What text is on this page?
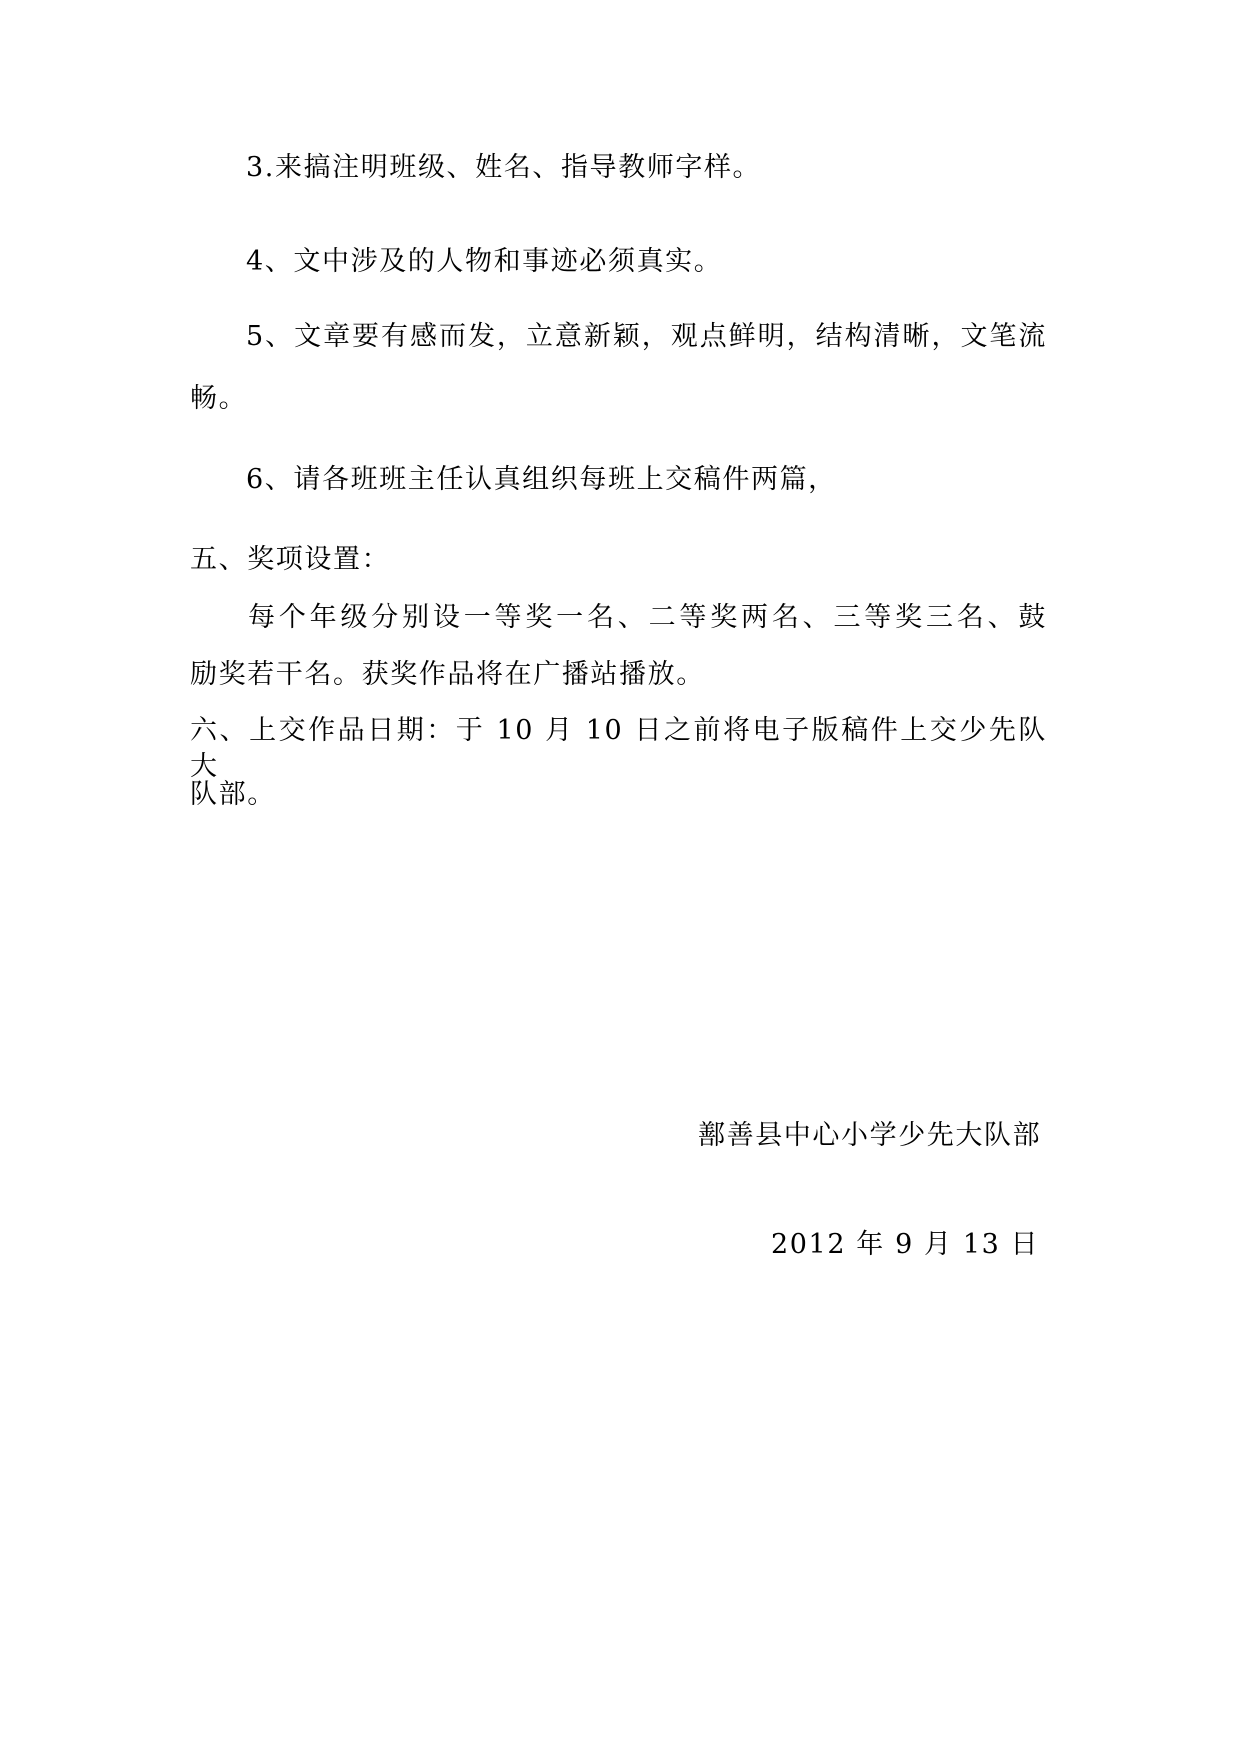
3.来搞注明班级、姓名、指导教师字样。
4、文中涉及的人物和事迹必须真实。
5、文章要有感而发，立意新颖，观点鲜明，结构清晰，文笔流
畅。
6、请各班班主任认真组织每班上交稿件两篇，
五、奖项设置：
每个年级分别设一等奖一名、二等奖两名、三等奖三名、鼓
励奖若干名。获奖作品将在广播站播放。
六、上交作品日期：于 10 月 10 日之前将电子版稿件上交少先队大
队部。
鄯善县中心小学少先大队部
2012 年 9 月 13 日
